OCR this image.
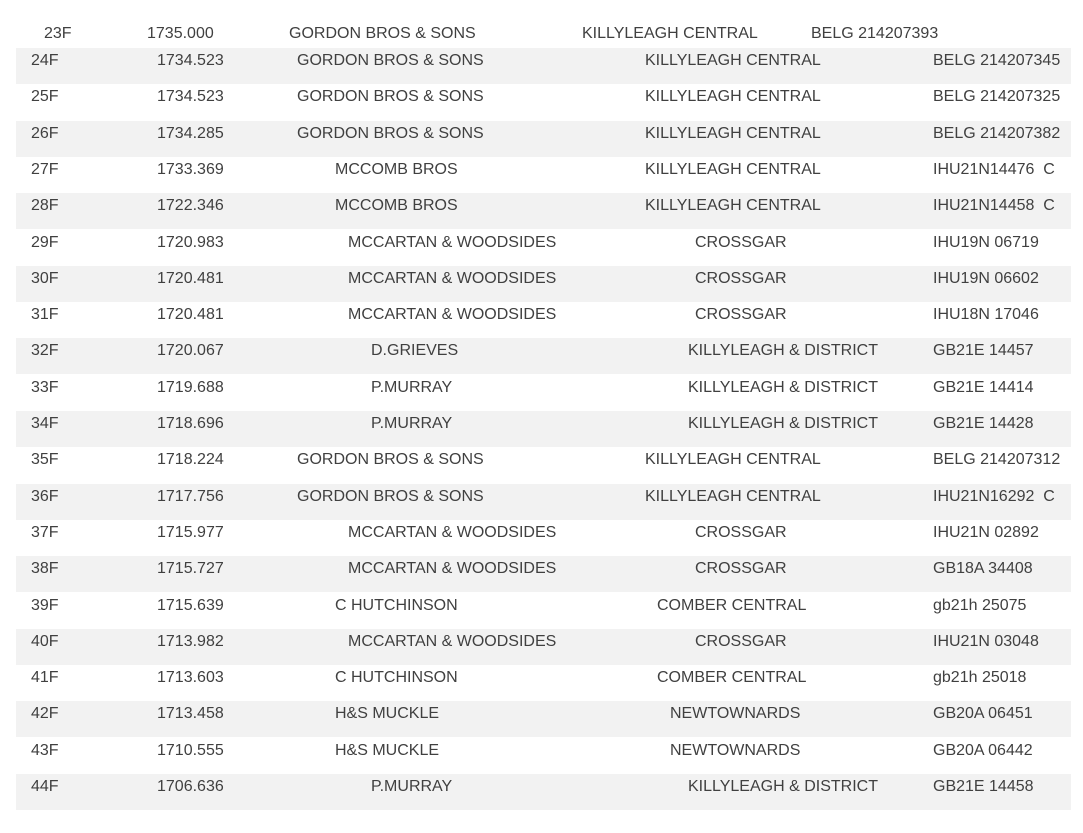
23F	1735.000	GORDON BROS & SONS	KILLYLEAGH CENTRAL	BELG 214207393
24F	1734.523	GORDON BROS & SONS	KILLYLEAGH CENTRAL	BELG 214207345
25F	1734.523	GORDON BROS & SONS	KILLYLEAGH CENTRAL	BELG 214207325
26F	1734.285	GORDON BROS & SONS	KILLYLEAGH CENTRAL	BELG 214207382
27F	1733.369	MCCOMB BROS	KILLYLEAGH CENTRAL	IHU21N14476  C
28F	1722.346	MCCOMB BROS	KILLYLEAGH CENTRAL	IHU21N14458  C
29F	1720.983	MCCARTAN & WOODSIDES	CROSSGAR	IHU19N 06719
30F	1720.481	MCCARTAN & WOODSIDES	CROSSGAR	IHU19N 06602
31F	1720.481	MCCARTAN & WOODSIDES	CROSSGAR	IHU18N 17046
32F	1720.067	D.GRIEVES	KILLYLEAGH & DISTRICT	GB21E 14457
33F	1719.688	P.MURRAY	KILLYLEAGH & DISTRICT	GB21E 14414
34F	1718.696	P.MURRAY	KILLYLEAGH & DISTRICT	GB21E 14428
35F	1718.224	GORDON BROS & SONS	KILLYLEAGH CENTRAL	BELG 214207312
36F	1717.756	GORDON BROS & SONS	KILLYLEAGH CENTRAL	IHU21N16292  C
37F	1715.977	MCCARTAN & WOODSIDES	CROSSGAR	IHU21N 02892
38F	1715.727	MCCARTAN & WOODSIDES	CROSSGAR	GB18A 34408
39F	1715.639	C HUTCHINSON	COMBER CENTRAL	gb21h 25075
40F	1713.982	MCCARTAN & WOODSIDES	CROSSGAR	IHU21N 03048
41F	1713.603	C HUTCHINSON	COMBER CENTRAL	gb21h 25018
42F	1713.458	H&S MUCKLE	NEWTOWNARDS	GB20A 06451
43F	1710.555	H&S MUCKLE	NEWTOWNARDS	GB20A 06442
44F	1706.636	P.MURRAY	KILLYLEAGH & DISTRICT	GB21E 14458
